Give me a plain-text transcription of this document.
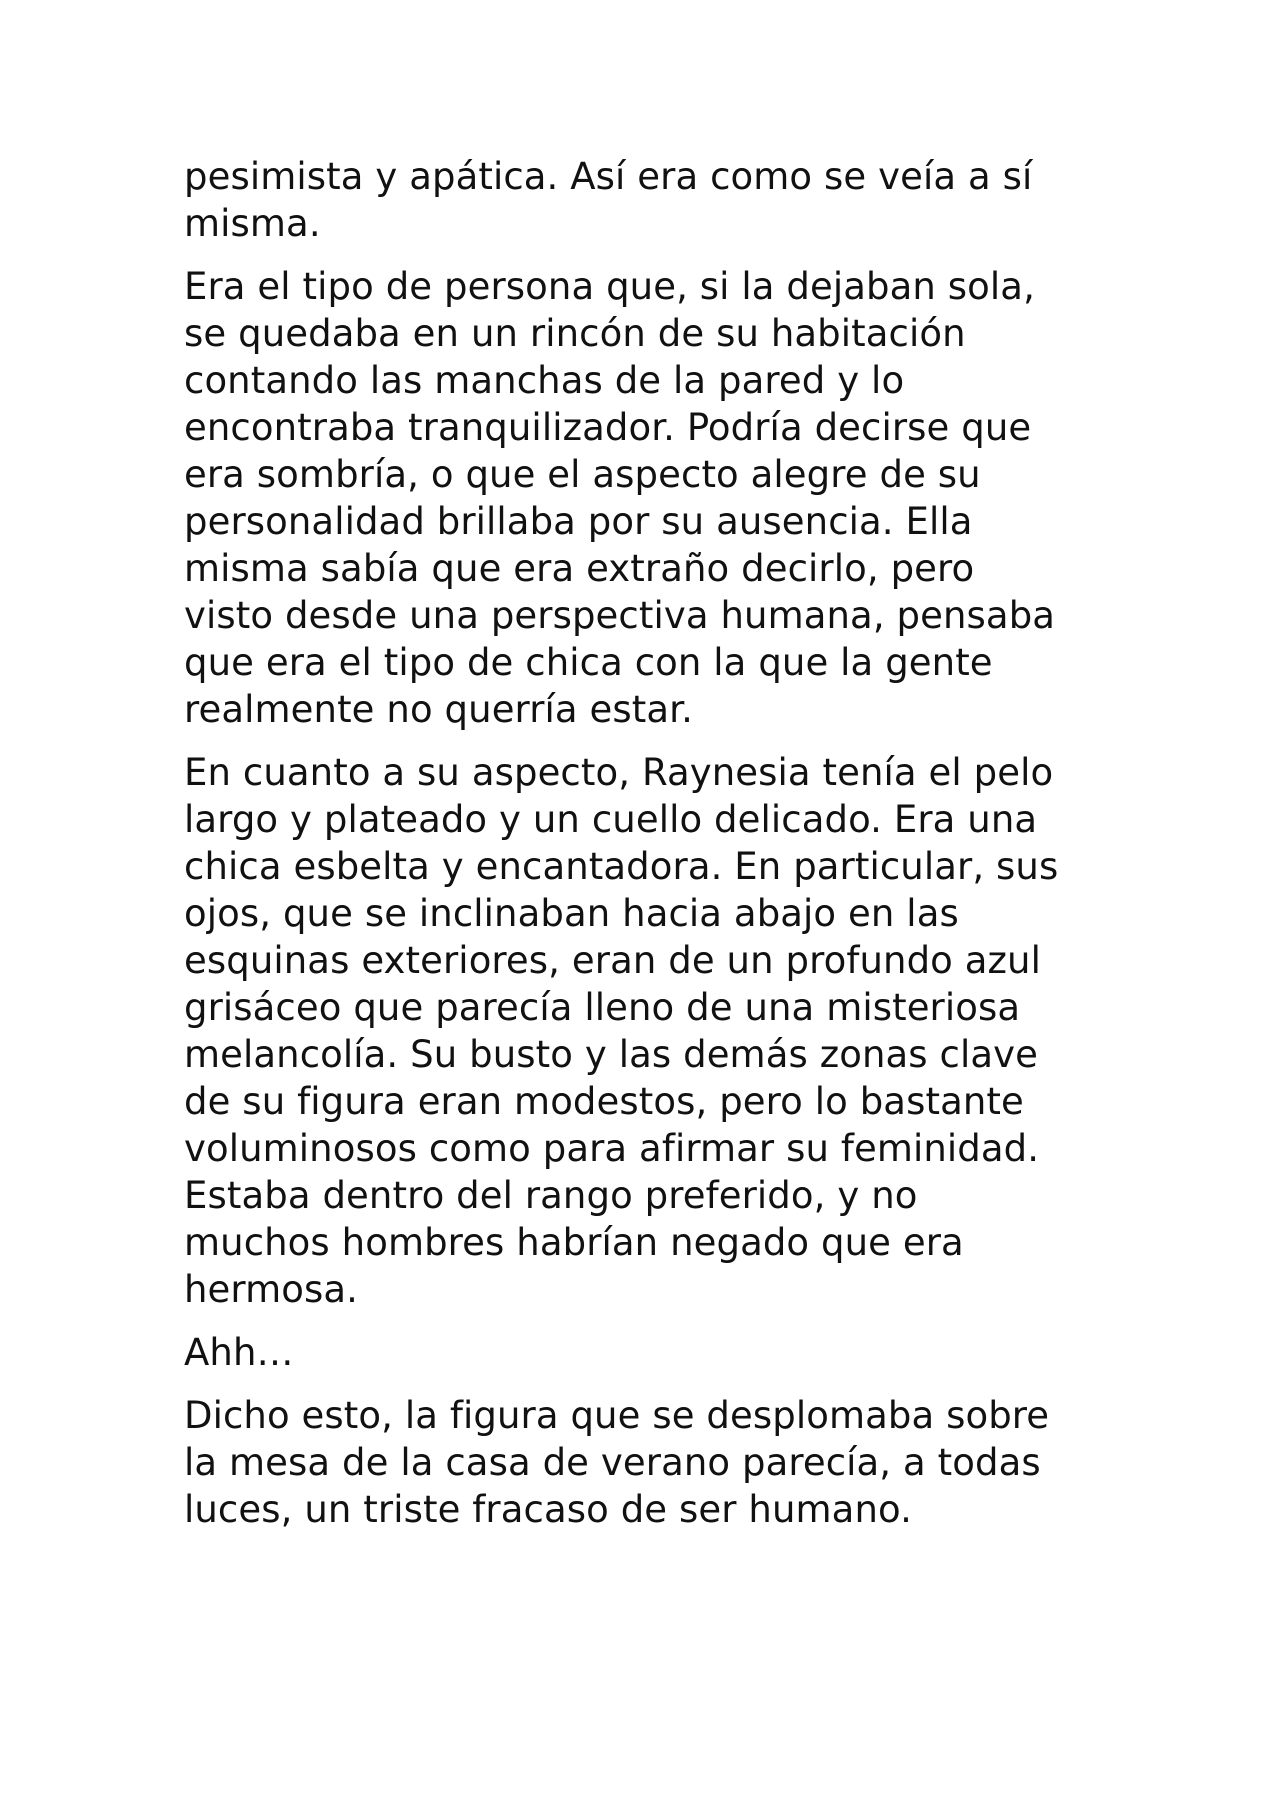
pesimista y apática. Así era como se veía a sí
misma.

Era el tipo de persona que, si la dejaban sola,
se quedaba en un rincón de su habitación
contando las manchas de la pared y lo
encontraba tranquilizador. Podría decirse que
era sombría, o que el aspecto alegre de su
personalidad brillaba por su ausencia. Ella
misma sabía que era extraño decirlo, pero
visto desde una perspectiva humana, pensaba
que era el tipo de chica con la que la gente
realmente no querría estar.

En cuanto a su aspecto, Raynesia tenía el pelo
largo y plateado y un cuello delicado. Era una
chica esbelta y encantadora. En particular, sus
ojos, que se inclinaban hacia abajo en las
esquinas exteriores, eran de un profundo azul
grisáceo que parecía lleno de una misteriosa
melancolía. Su busto y las demás zonas clave
de su figura eran modestos, pero lo bastante
voluminosos como para afirmar su feminidad.
Estaba dentro del rango preferido, y no
muchos hombres habrían negado que era
hermosa.

Ahh…

Dicho esto, la figura que se desplomaba sobre
la mesa de la casa de verano parecía, a todas
luces, un triste fracaso de ser humano.
